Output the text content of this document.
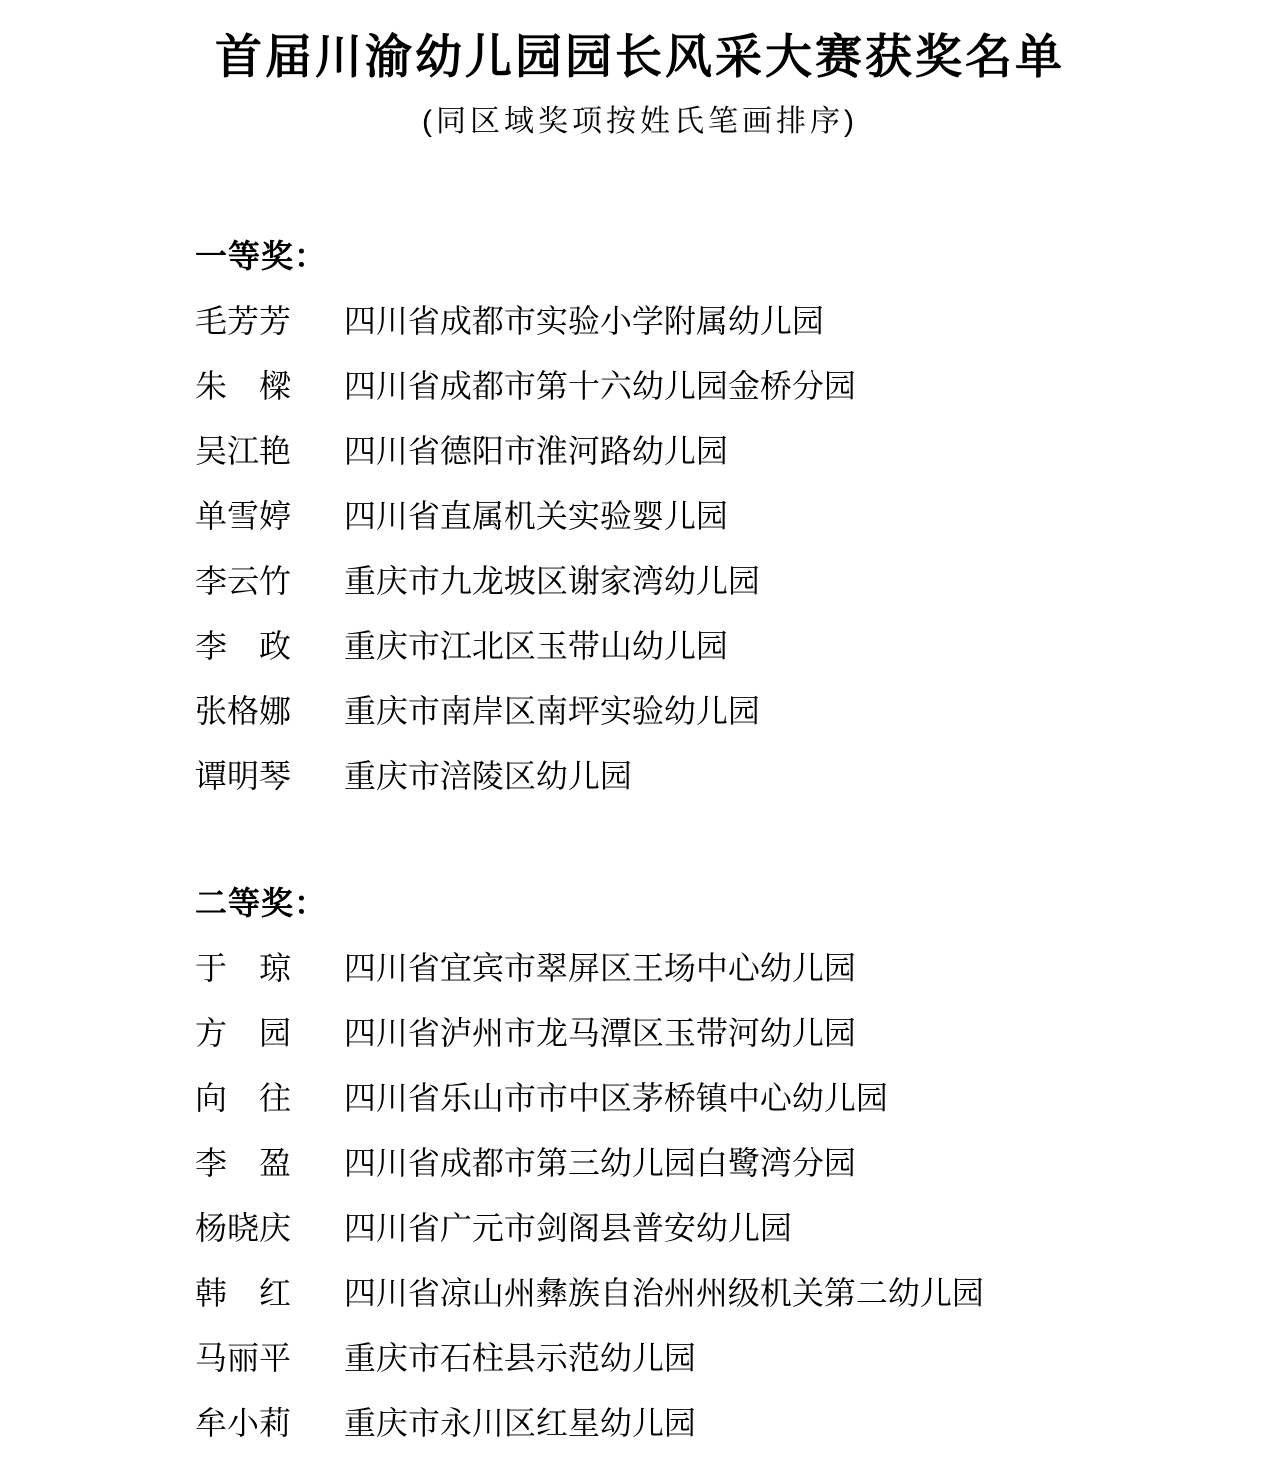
首届川渝幼儿园园长风采大赛获奖名单

(同区域奖项按姓氏笔画排序)

一等奖：
毛芳芳 四川省成都市实验小学附属幼儿园
朱　樑 四川省成都市第十六幼儿园金桥分园
吴江艳 四川省德阳市淮河路幼儿园
单雪婷 四川省直属机关实验婴儿园
李云竹 重庆市九龙坡区谢家湾幼儿园
李　政 重庆市江北区玉带山幼儿园
张格娜 重庆市南岸区南坪实验幼儿园
谭明琴 重庆市涪陵区幼儿园
二等奖：
于　琼 四川省宜宾市翠屏区王场中心幼儿园
方　园 四川省泸州市龙马潭区玉带河幼儿园
向　往 四川省乐山市市中区茅桥镇中心幼儿园
李　盈 四川省成都市第三幼儿园白鹭湾分园
杨晓庆 四川省广元市剑阁县普安幼儿园
韩　红 四川省凉山州彝族自治州州级机关第二幼儿园
马丽平 重庆市石柱县示范幼儿园
牟小莉 重庆市永川区红星幼儿园
